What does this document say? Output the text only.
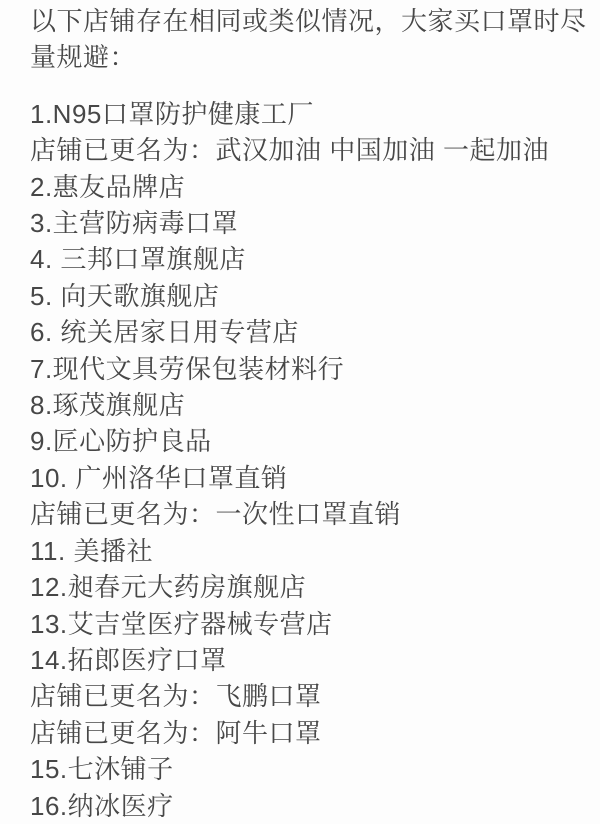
以下店铺存在相同或类似情况，大家买口罩时尽量规避：

1.N95口罩防护健康工厂

店铺已更名为：武汉加油 中国加油 一起加油

2.惠友品牌店

3.主营防病毒口罩

4. 三邦口罩旗舰店

5. 向天歌旗舰店

6. 统关居家日用专营店

7.现代文具劳保包装材料行

8.琢茂旗舰店

9.匠心防护良品

10. 广州洛华口罩直销

店铺已更名为：一次性口罩直销

11. 美播社

12.昶春元大药房旗舰店

13.艾吉堂医疗器械专营店

14.拓郎医疗口罩

店铺已更名为：飞鹏口罩

店铺已更名为：阿牛口罩

15.七沐铺子

16.纳冰医疗
